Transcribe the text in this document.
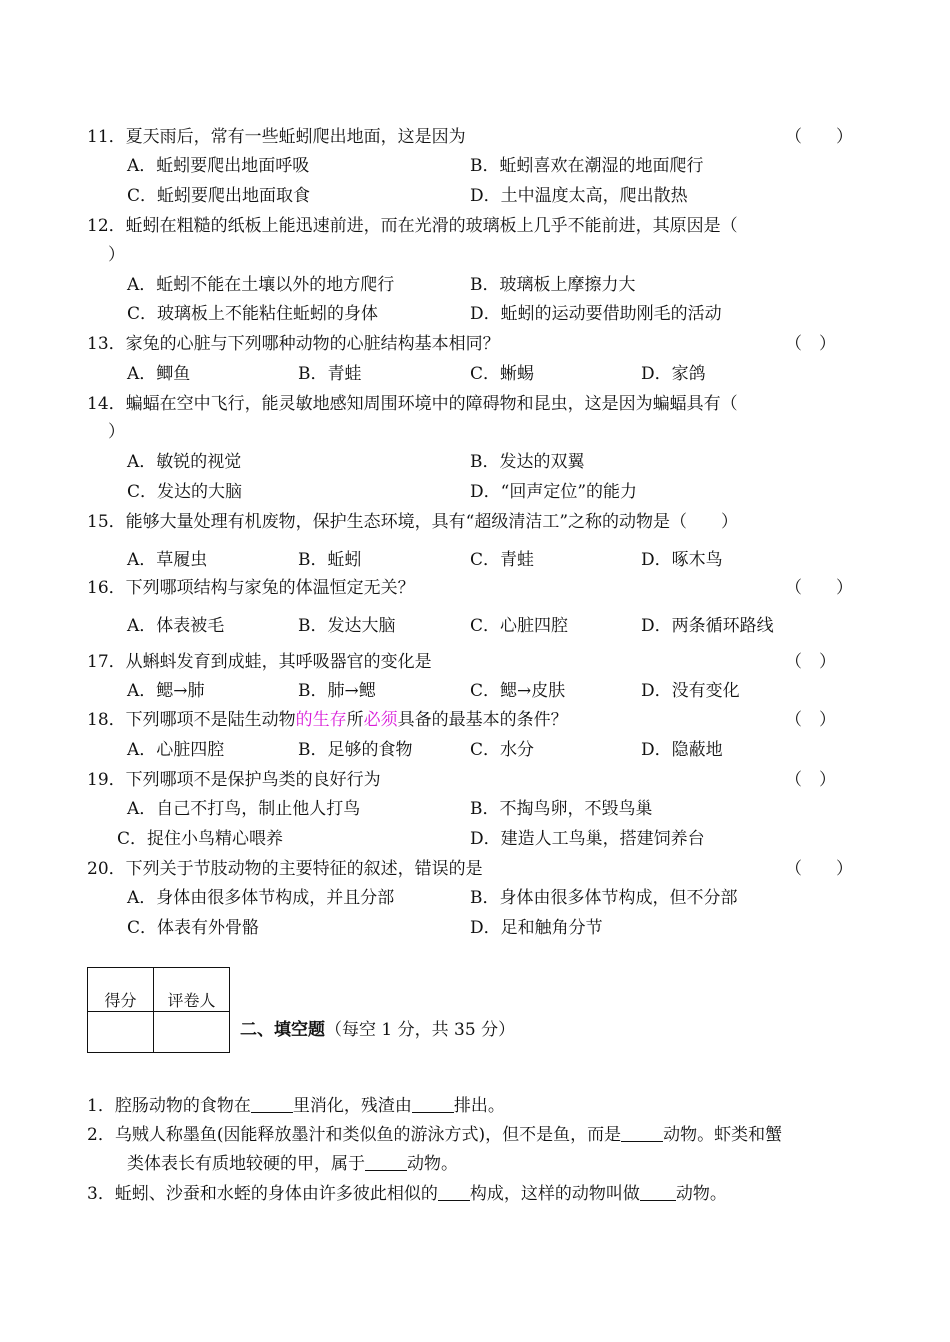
11．夏天雨后，常有一些蚯蚓爬出地面，这是因为	（　　）
A．蚯蚓要爬出地面呼吸	B．蚯蚓喜欢在潮湿的地面爬行
C．蚯蚓要爬出地面取食	D．土中温度太高，爬出散热
12．蚯蚓在粗糙的纸板上能迅速前进，而在光滑的玻璃板上几乎不能前进，其原因是（
）
A．蚯蚓不能在土壤以外的地方爬行	B．玻璃板上摩擦力大
C．玻璃板上不能粘住蚯蚓的身体	D．蚯蚓的运动要借助刚毛的活动
13．家兔的心脏与下列哪种动物的心脏结构基本相同？	（　）
A．鲫鱼	B．青蛙	C．蜥蜴	D．家鸽
14．蝙蝠在空中飞行，能灵敏地感知周围环境中的障碍物和昆虫，这是因为蝙蝠具有（
）
A．敏锐的视觉	B．发达的双翼
C．发达的大脑	D．“回声定位”的能力
15．能够大量处理有机废物，保护生态环境，具有“超级清洁工”之称的动物是（　　）
A．草履虫	B．蚯蚓	C．青蛙	D．啄木鸟
16．下列哪项结构与家兔的体温恒定无关？	（　　）
A．体表被毛	B．发达大脑	C．心脏四腔	D．两条循环路线
17．从蝌蚪发育到成蛙，其呼吸器官的变化是	（　）
A．鳃→肺	B．肺→鳃	C．鳃→皮肤	D．没有变化
18．下列哪项不是陆生动物的生存所必须具备的最基本的条件？	（　）
A．心脏四腔	B．足够的食物	C．水分	D．隐蔽地
19．下列哪项不是保护鸟类的良好行为	（　）
A．自己不打鸟，制止他人打鸟	B．不掏鸟卵，不毁鸟巢
C．捉住小鸟精心喂养	D．建造人工鸟巢，搭建饲养台
20．下列关于节肢动物的主要特征的叙述，错误的是	（　　）
A．身体由很多体节构成，并且分部	B．身体由很多体节构成，但不分部
C．体表有外骨骼	D．足和触角分节
得分	评卷人

二、填空题（每空 1 分，共 35 分）
1．腔肠动物的食物在 里消化，残渣由 排出。
2．乌贼人称墨鱼(因能释放墨汁和类似鱼的游泳方式)，但不是鱼，而是 动物。虾类和蟹
类体表长有质地较硬的甲，属于 动物。
3．蚯蚓、沙蚕和水蛭的身体由许多彼此相似的 构成，这样的动物叫做 动物。
